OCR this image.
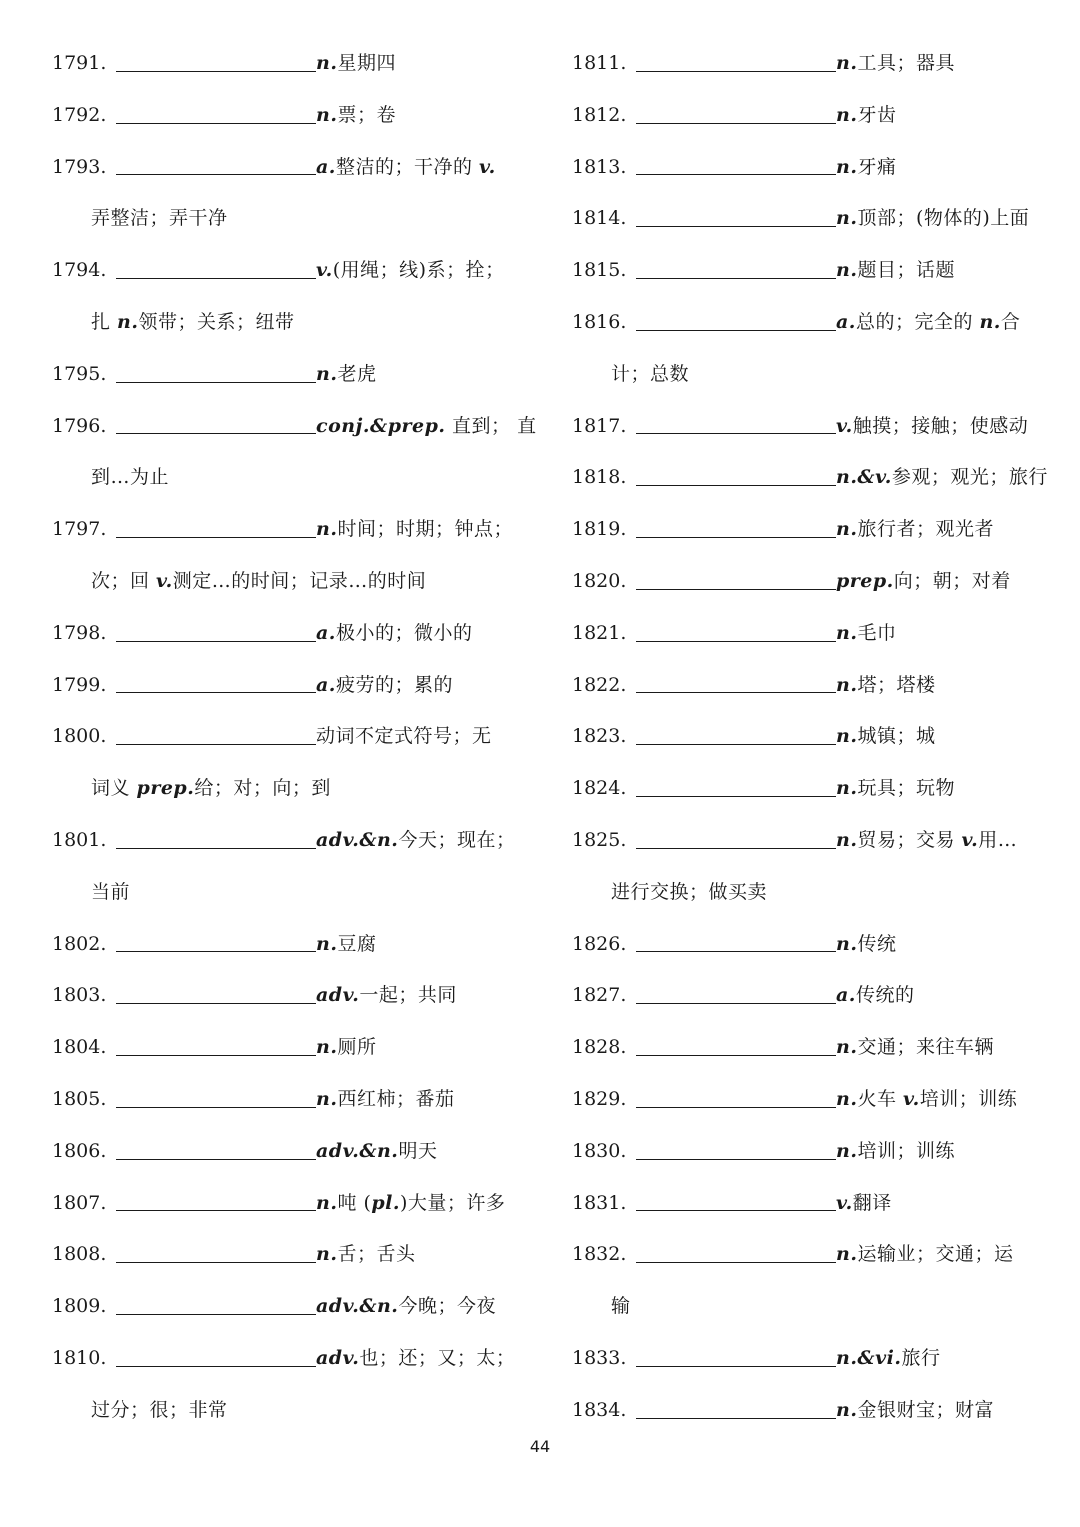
1791.	n.星期四
1792.	n.票；卷
1793.	a.整洁的；干净的 v.
弄整洁；弄干净
1794.	v.(用绳；线)系；拴；
扎 n.领带；关系；纽带
1795.	n.老虎
1796.	conj.&prep. 直到； 直
到…为止
1797.	n.时间；时期；钟点；
次；回 v.测定…的时间；记录…的时间
1798.	a.极小的；微小的
1799.	a.疲劳的；累的
1800.	动词不定式符号；无
词义 prep.给；对；向；到
1801.	adv.&n.今天；现在；
当前
1802.	n.豆腐
1803.	adv.一起；共同
1804.	n.厕所
1805.	n.西红柿；番茄
1806.	adv.&n.明天
1807.	n.吨 (pl.)大量；许多
1808.	n.舌；舌头
1809.	adv.&n.今晚；今夜
1810.	adv.也；还；又；太；
过分；很；非常
1811.	n.工具；器具
1812.	n.牙齿
1813.	n.牙痛
1814.	n.顶部；(物体的)上面
1815.	n.题目；话题
1816.	a.总的；完全的 n.合
计；总数
1817.	v.触摸；接触；使感动
1818.	n.&v.参观；观光；旅行
1819.	n.旅行者；观光者
1820.	prep.向；朝；对着
1821.	n.毛巾
1822.	n.塔；塔楼
1823.	n.城镇；城
1824.	n.玩具；玩物
1825.	n.贸易；交易 v.用…
进行交换；做买卖
1826.	n.传统
1827.	a.传统的
1828.	n.交通；来往车辆
1829.	n.火车 v.培训；训练
1830.	n.培训；训练
1831.	v.翻译
1832.	n.运输业；交通；运
输
1833.	n.&vi.旅行
1834.	n.金银财宝；财富
44
